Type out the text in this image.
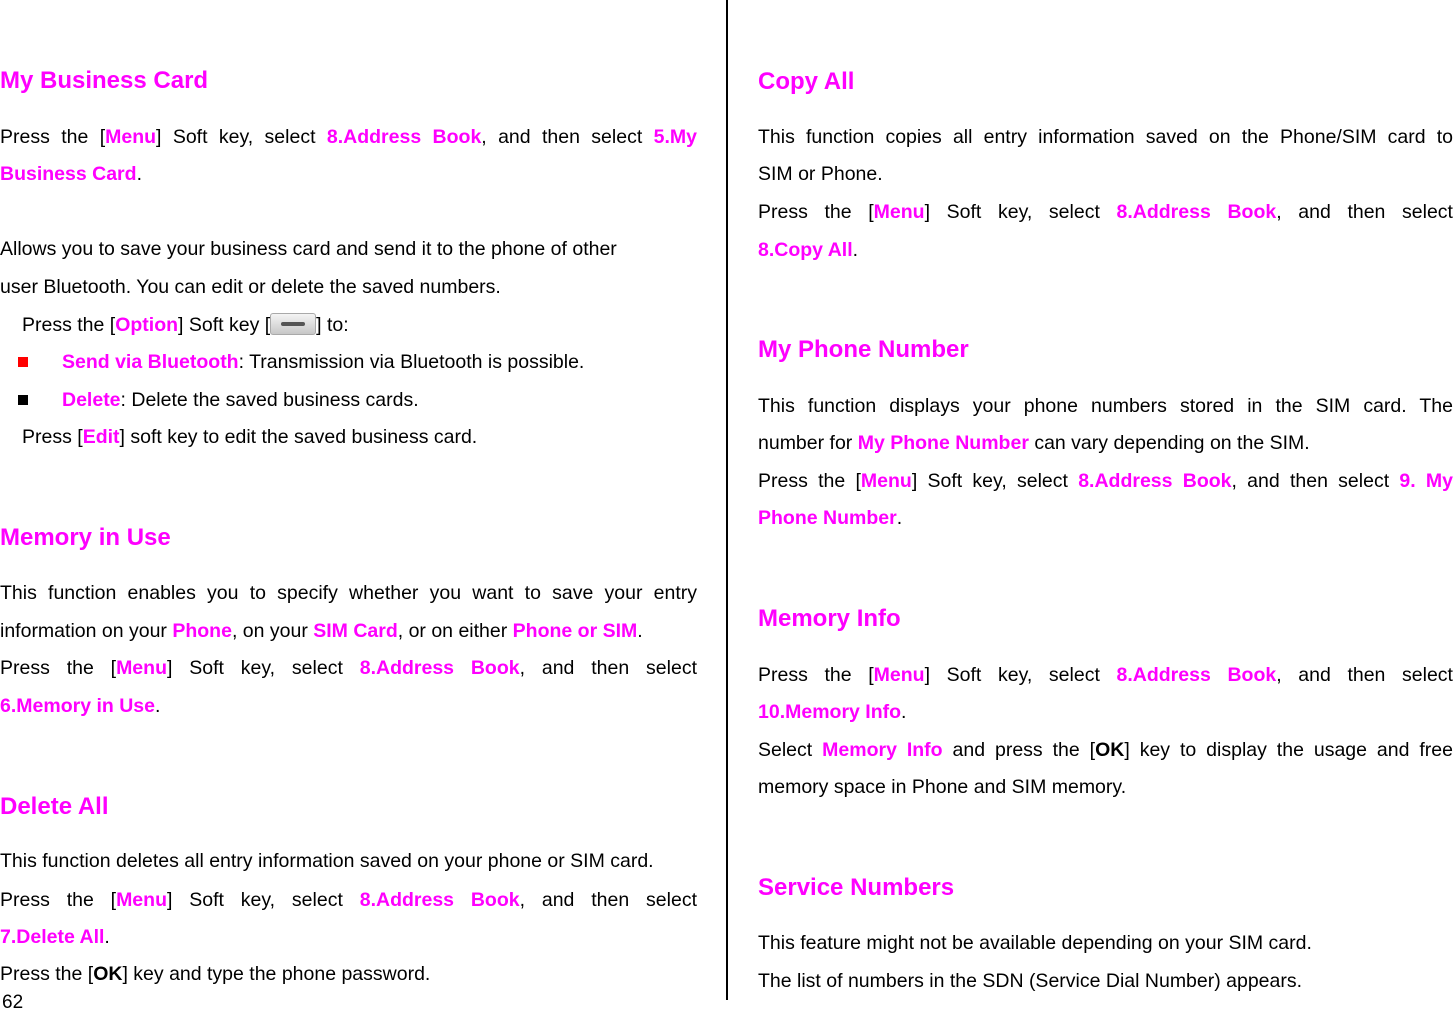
My Business Card
Press the [Menu] Soft key, select 8.Address Book, and then select 5.My
Business Card.
Allows you to save your business card and send it to the phone of other
user Bluetooth. You can edit or delete the saved numbers.
Press the [Option] Soft key [ ] to:
Send via Bluetooth: Transmission via Bluetooth is possible.
Delete: Delete the saved business cards.
Press [Edit] soft key to edit the saved business card.
Memory in Use
This function enables you to specify whether you want to save your entry
information on your Phone, on your SIM Card, or on either Phone or SIM.
Press the [Menu] Soft key, select 8.Address Book, and then select
6.Memory in Use.
Delete All
This function deletes all entry information saved on your phone or SIM card.
Press the [Menu] Soft key, select 8.Address Book, and then select
7.Delete All.
Press the [OK] key and type the phone password.
62
Copy All
This function copies all entry information saved on the Phone/SIM card to
SIM or Phone.
Press the [Menu] Soft key, select 8.Address Book, and then select
8.Copy All.
My Phone Number
This function displays your phone numbers stored in the SIM card. The
number for My Phone Number can vary depending on the SIM.
Press the [Menu] Soft key, select 8.Address Book, and then select 9. My
Phone Number.
Memory Info
Press the [Menu] Soft key, select 8.Address Book, and then select
10.Memory Info.
Select Memory Info and press the [OK] key to display the usage and free
memory space in Phone and SIM memory.
Service Numbers
This feature might not be available depending on your SIM card.
The list of numbers in the SDN (Service Dial Number) appears.
